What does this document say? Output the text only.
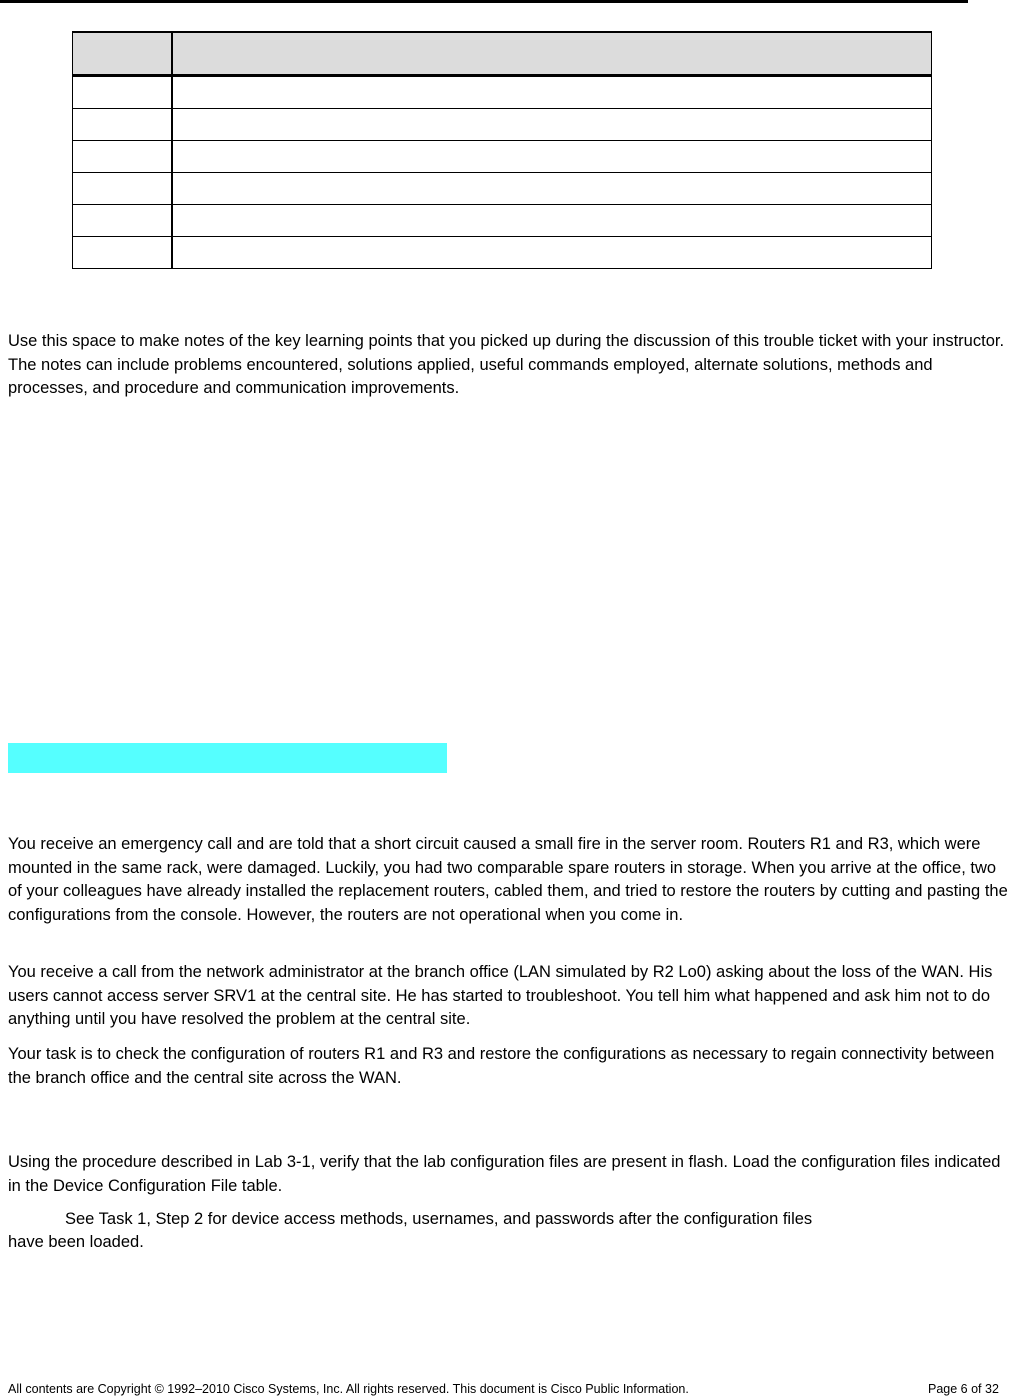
Use this space to make notes of the key learning points that you picked up during the discussion of this trouble ticket with your instructor. The notes can include problems encountered, solutions applied, useful commands employed, alternate solutions, methods and processes, and procedure and communication improvements.

You receive an emergency call and are told that a short circuit caused a small fire in the server room. Routers R1 and R3, which were mounted in the same rack, were damaged. Luckily, you had two comparable spare routers in storage. When you arrive at the office, two of your colleagues have already installed the replacement routers, cabled them, and tried to restore the routers by cutting and pasting the configurations from the console. However, the routers are not operational when you come in.

You receive a call from the network administrator at the branch office (LAN simulated by R2 Lo0) asking about the loss of the WAN. His users cannot access server SRV1 at the central site. He has started to troubleshoot. You tell him what happened and ask him not to do anything until you have resolved the problem at the central site.

Your task is to check the configuration of routers R1 and R3 and restore the configurations as necessary to regain connectivity between the branch office and the central site across the WAN.

Using the procedure described in Lab 3-1, verify that the lab configuration files are present in flash. Load the configuration files indicated in the Device Configuration File table.

See Task 1, Step 2 for device access methods, usernames, and passwords after the configuration files

have been loaded.

All contents are Copyright © 1992–2010 Cisco Systems, Inc. All rights reserved. This document is Cisco Public Information.	Page 6 of 32
